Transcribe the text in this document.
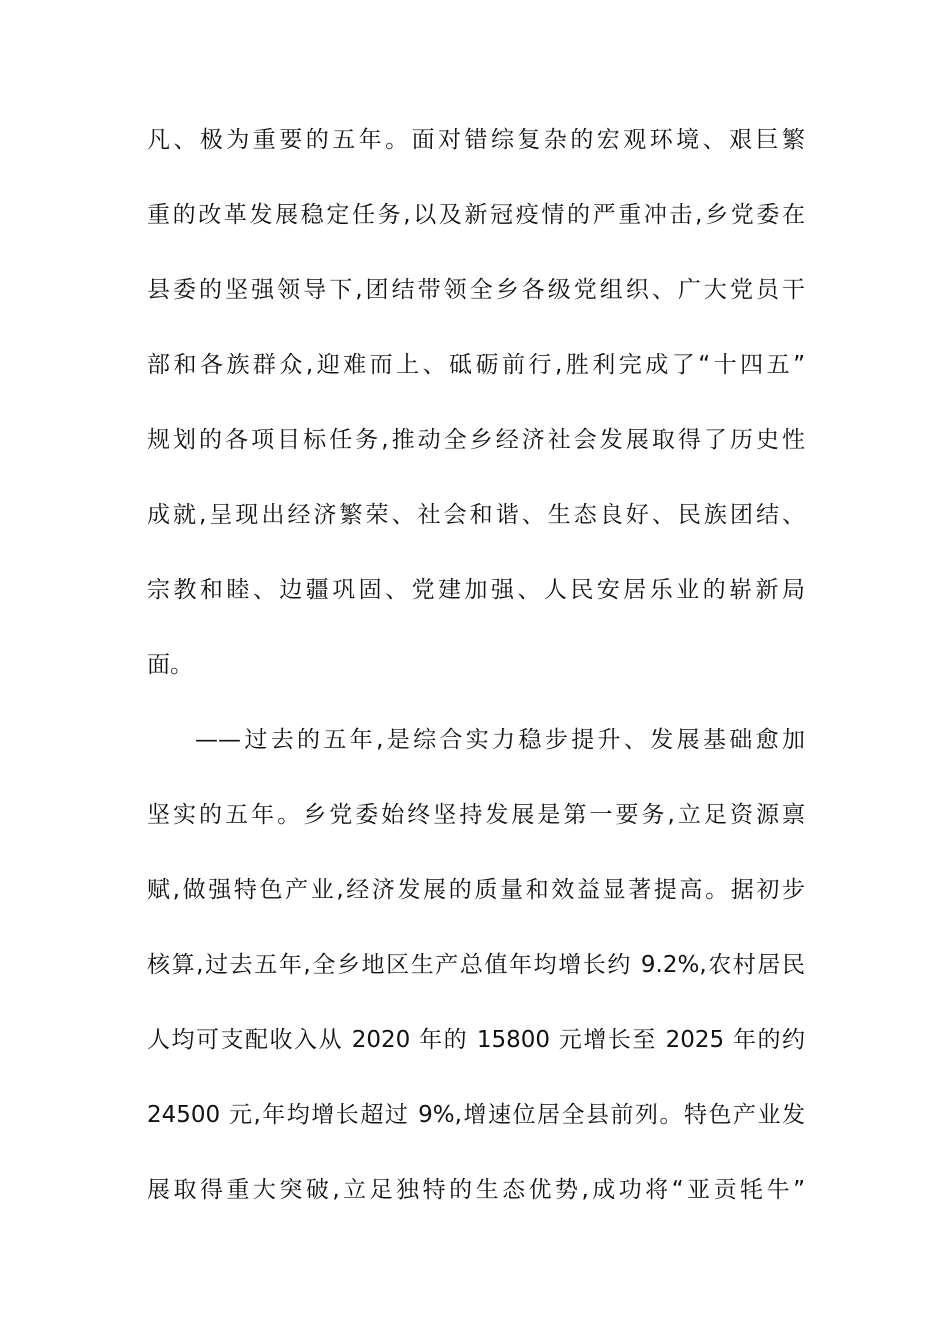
凡、极为重要的五年。面对错综复杂的宏观环境、艰巨繁
重的改革发展稳定任务,以及新冠疫情的严重冲击,乡党委在
县委的坚强领导下,团结带领全乡各级党组织、广大党员干
部和各族群众,迎难而上、砥砺前行,胜利完成了“十四五”
规划的各项目标任务,推动全乡经济社会发展取得了历史性
成就,呈现出经济繁荣、社会和谐、生态良好、民族团结、
宗教和睦、边疆巩固、党建加强、人民安居乐业的崭新局
面。
——过去的五年,是综合实力稳步提升、发展基础愈加
坚实的五年。乡党委始终坚持发展是第一要务,立足资源禀
赋,做强特色产业,经济发展的质量和效益显著提高。据初步
核算,过去五年,全乡地区生产总值年均增长约 9.2%,农村居民
人均可支配收入从 2020 年的 15800 元增长至 2025 年的约
24500 元,年均增长超过 9%,增速位居全县前列。特色产业发
展取得重大突破,立足独特的生态优势,成功将“亚贡牦牛”
